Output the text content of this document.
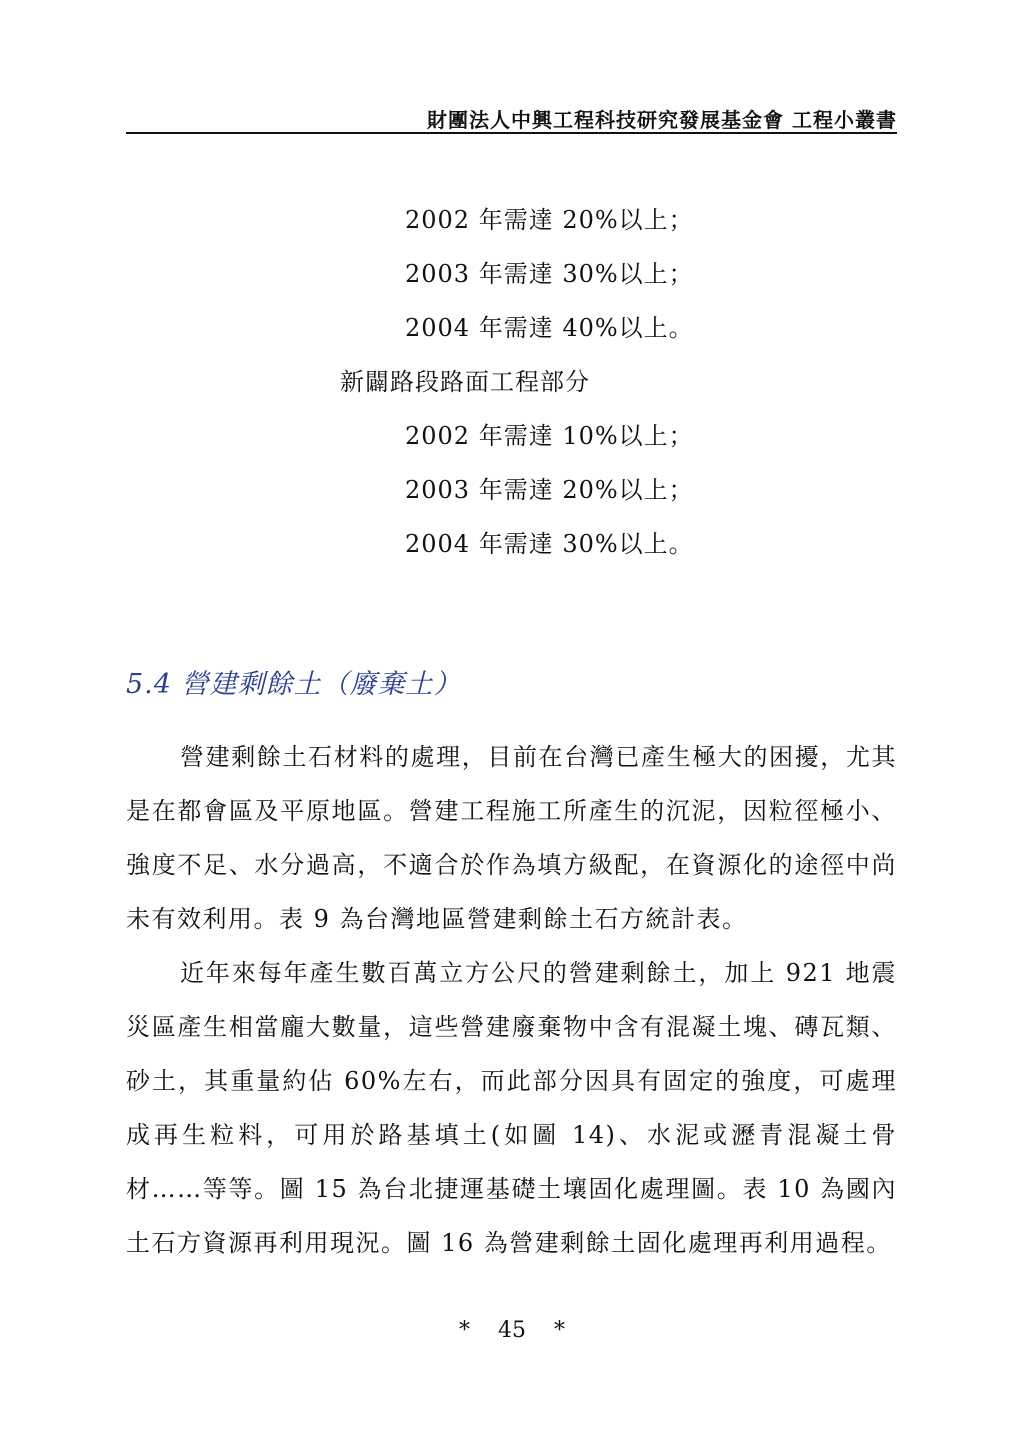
財團法人中興工程科技研究發展基金會 工程小叢書
2002 年需達 20%以上；
2003 年需達 30%以上；
2004 年需達 40%以上。
新闢路段路面工程部分
2002 年需達 10%以上；
2003 年需達 20%以上；
2004 年需達 30%以上。
5.4 營建剩餘土（廢棄土）

營建剩餘土石材料的處理，目前在台灣已產生極大的困擾，尤其是在都會區及平原地區。營建工程施工所產生的沉泥，因粒徑極小、強度不足、水分過高，不適合於作為填方級配，在資源化的途徑中尚未有效利用。表 9 為台灣地區營建剩餘土石方統計表。

近年來每年產生數百萬立方公尺的營建剩餘土，加上 921 地震災區產生相當龐大數量，這些營建廢棄物中含有混凝土塊、磚瓦類、砂土，其重量約佔 60%左右，而此部分因具有固定的強度，可處理成再生粒料，可用於路基填土(如圖 14)、水泥或瀝青混凝土骨材……等等。圖 15 為台北捷運基礎土壤固化處理圖。表 10 為國內土石方資源再利用現況。圖 16 為營建剩餘土固化處理再利用過程。

*    45    *
